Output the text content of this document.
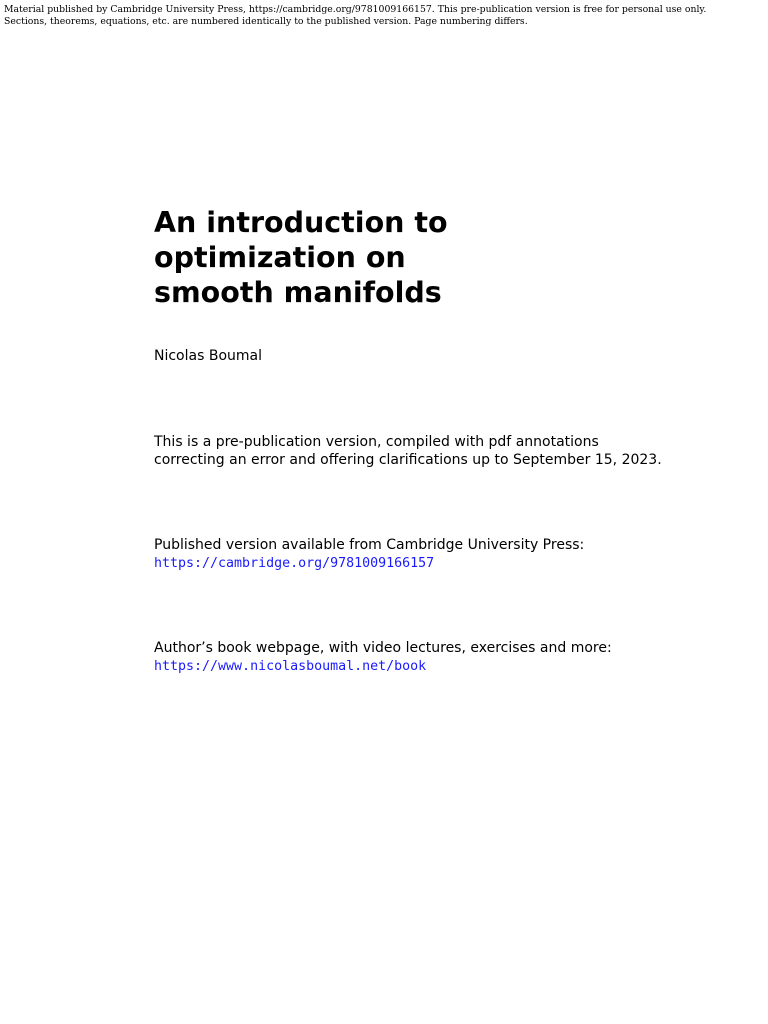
Material published by Cambridge University Press, https://cambridge.org/9781009166157. This pre-publication version is free for personal use only.
Sections, theorems, equations, etc. are numbered identically to the published version. Page numbering differs.
An introduction to
optimization on
smooth manifolds
Nicolas Boumal
This is a pre-publication version, compiled with pdf annotations
correcting an error and offering clarifications up to September 15, 2023.
Published version available from Cambridge University Press:
https://cambridge.org/9781009166157
Author’s book webpage, with video lectures, exercises and more:
https://www.nicolasboumal.net/book
